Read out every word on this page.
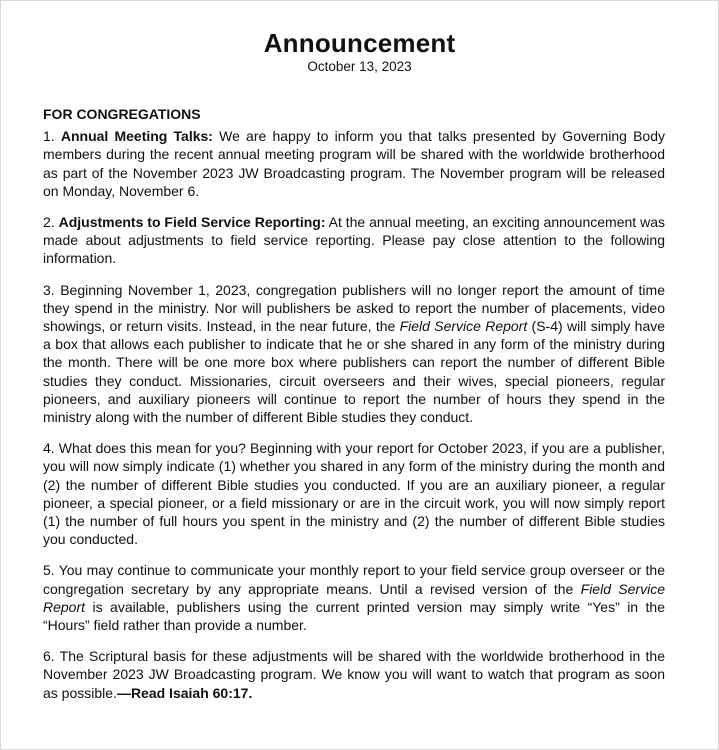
Announcement
October 13, 2023
FOR CONGREGATIONS

1. Annual Meeting Talks: We are happy to inform you that talks presented by Governing Body members during the recent annual meeting program will be shared with the worldwide brotherhood as part of the November 2023 JW Broadcasting program. The November program will be released on Monday, November 6.

2. Adjustments to Field Service Reporting: At the annual meeting, an exciting announcement was made about adjustments to field service reporting. Please pay close attention to the following information.

3. Beginning November 1, 2023, congregation publishers will no longer report the amount of time they spend in the ministry. Nor will publishers be asked to report the number of placements, video showings, or return visits. Instead, in the near future, the Field Service Report (S-4) will simply have a box that allows each publisher to indicate that he or she shared in any form of the ministry during the month. There will be one more box where publishers can report the number of different Bible studies they conduct. Missionaries, circuit overseers and their wives, special pioneers, regular pioneers, and auxiliary pioneers will continue to report the number of hours they spend in the ministry along with the number of different Bible studies they conduct.

4. What does this mean for you? Beginning with your report for October 2023, if you are a publisher, you will now simply indicate (1) whether you shared in any form of the ministry during the month and (2) the number of different Bible studies you conducted. If you are an auxiliary pioneer, a regular pioneer, a special pioneer, or a field missionary or are in the circuit work, you will now simply report (1) the number of full hours you spent in the ministry and (2) the number of different Bible studies you conducted.

5. You may continue to communicate your monthly report to your field service group overseer or the congregation secretary by any appropriate means. Until a revised version of the Field Service Report is available, publishers using the current printed version may simply write “Yes” in the “Hours” field rather than provide a number.

6. The Scriptural basis for these adjustments will be shared with the worldwide brotherhood in the November 2023 JW Broadcasting program. We know you will want to watch that program as soon as possible.—Read Isaiah 60:17.
